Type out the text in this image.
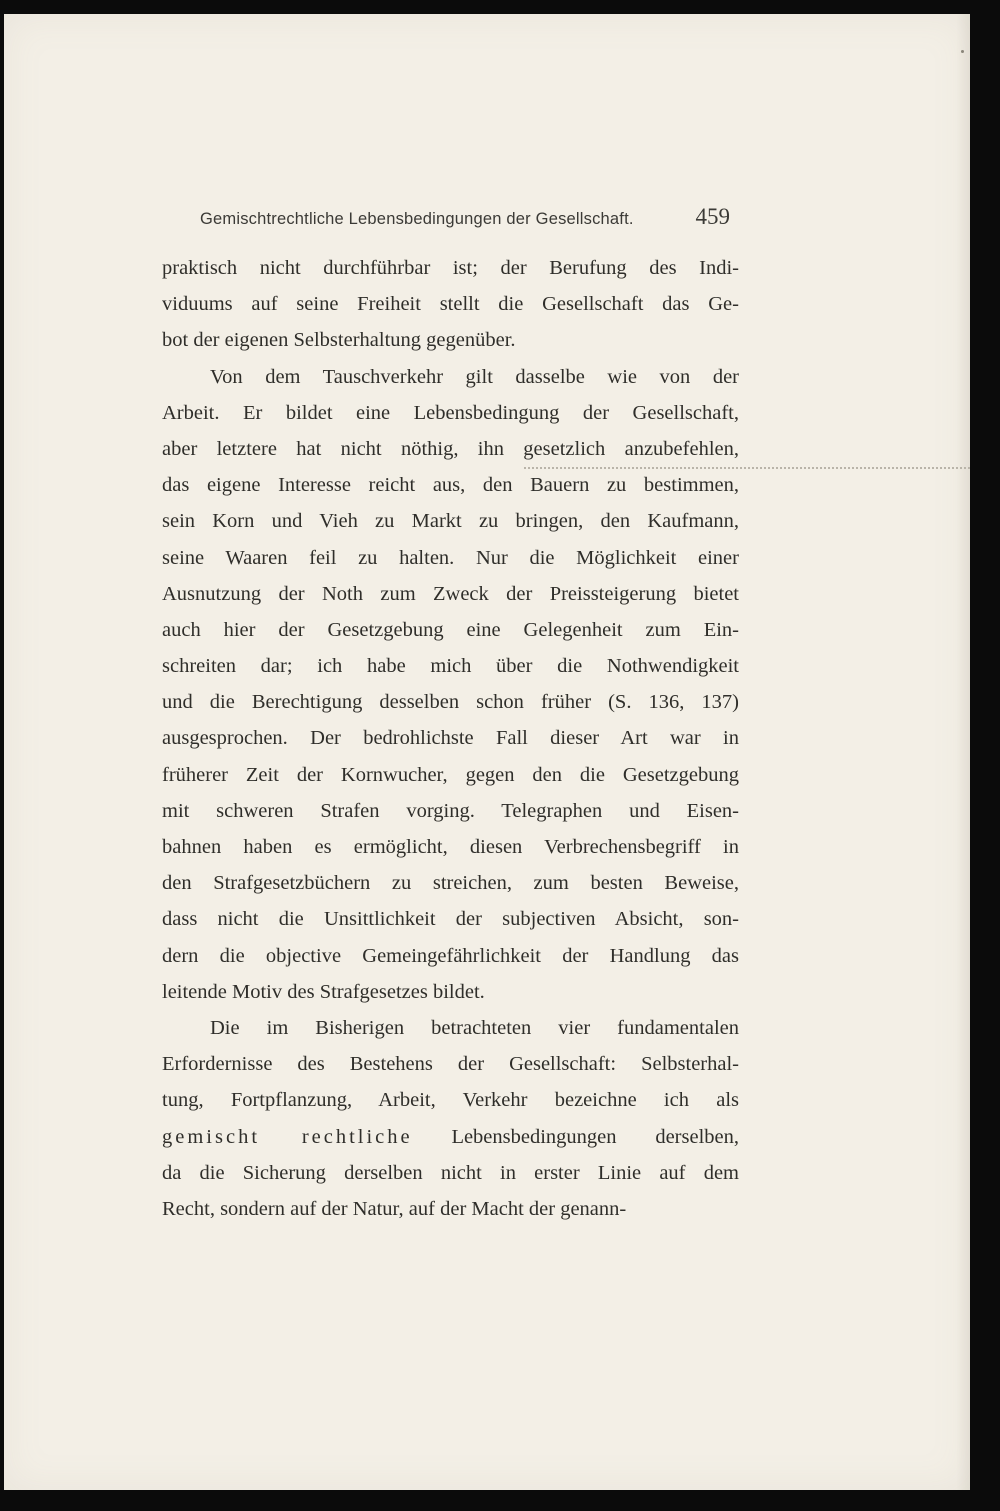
Gemischtrechtliche Lebensbedingungen der Gesellschaft.	459
praktisch nicht durchführbar ist; der Berufung des Indi-
viduums auf seine Freiheit stellt die Gesellschaft das Ge-
bot der eigenen Selbsterhaltung gegenüber.
Von dem Tauschverkehr gilt dasselbe wie von der
Arbeit. Er bildet eine Lebensbedingung der Gesellschaft,
aber letztere hat nicht nöthig, ihn gesetzlich anzubefehlen,
das eigene Interesse reicht aus, den Bauern zu bestimmen,
sein Korn und Vieh zu Markt zu bringen, den Kaufmann,
seine Waaren feil zu halten. Nur die Möglichkeit einer
Ausnutzung der Noth zum Zweck der Preissteigerung bietet
auch hier der Gesetzgebung eine Gelegenheit zum Ein-
schreiten dar; ich habe mich über die Nothwendigkeit
und die Berechtigung desselben schon früher (S. 136, 137)
ausgesprochen. Der bedrohlichste Fall dieser Art war in
früherer Zeit der Kornwucher, gegen den die Gesetzgebung
mit schweren Strafen vorging. Telegraphen und Eisen-
bahnen haben es ermöglicht, diesen Verbrechensbegriff in
den Strafgesetzbüchern zu streichen, zum besten Beweise,
dass nicht die Unsittlichkeit der subjectiven Absicht, son-
dern die objective Gemeingefährlichkeit der Handlung das
leitende Motiv des Strafgesetzes bildet.
Die im Bisherigen betrachteten vier fundamentalen
Erfordernisse des Bestehens der Gesellschaft: Selbsterhal-
tung, Fortpflanzung, Arbeit, Verkehr bezeichne ich als
gemischt rechtliche Lebensbedingungen derselben,
da die Sicherung derselben nicht in erster Linie auf dem
Recht, sondern auf der Natur, auf der Macht der genann-
